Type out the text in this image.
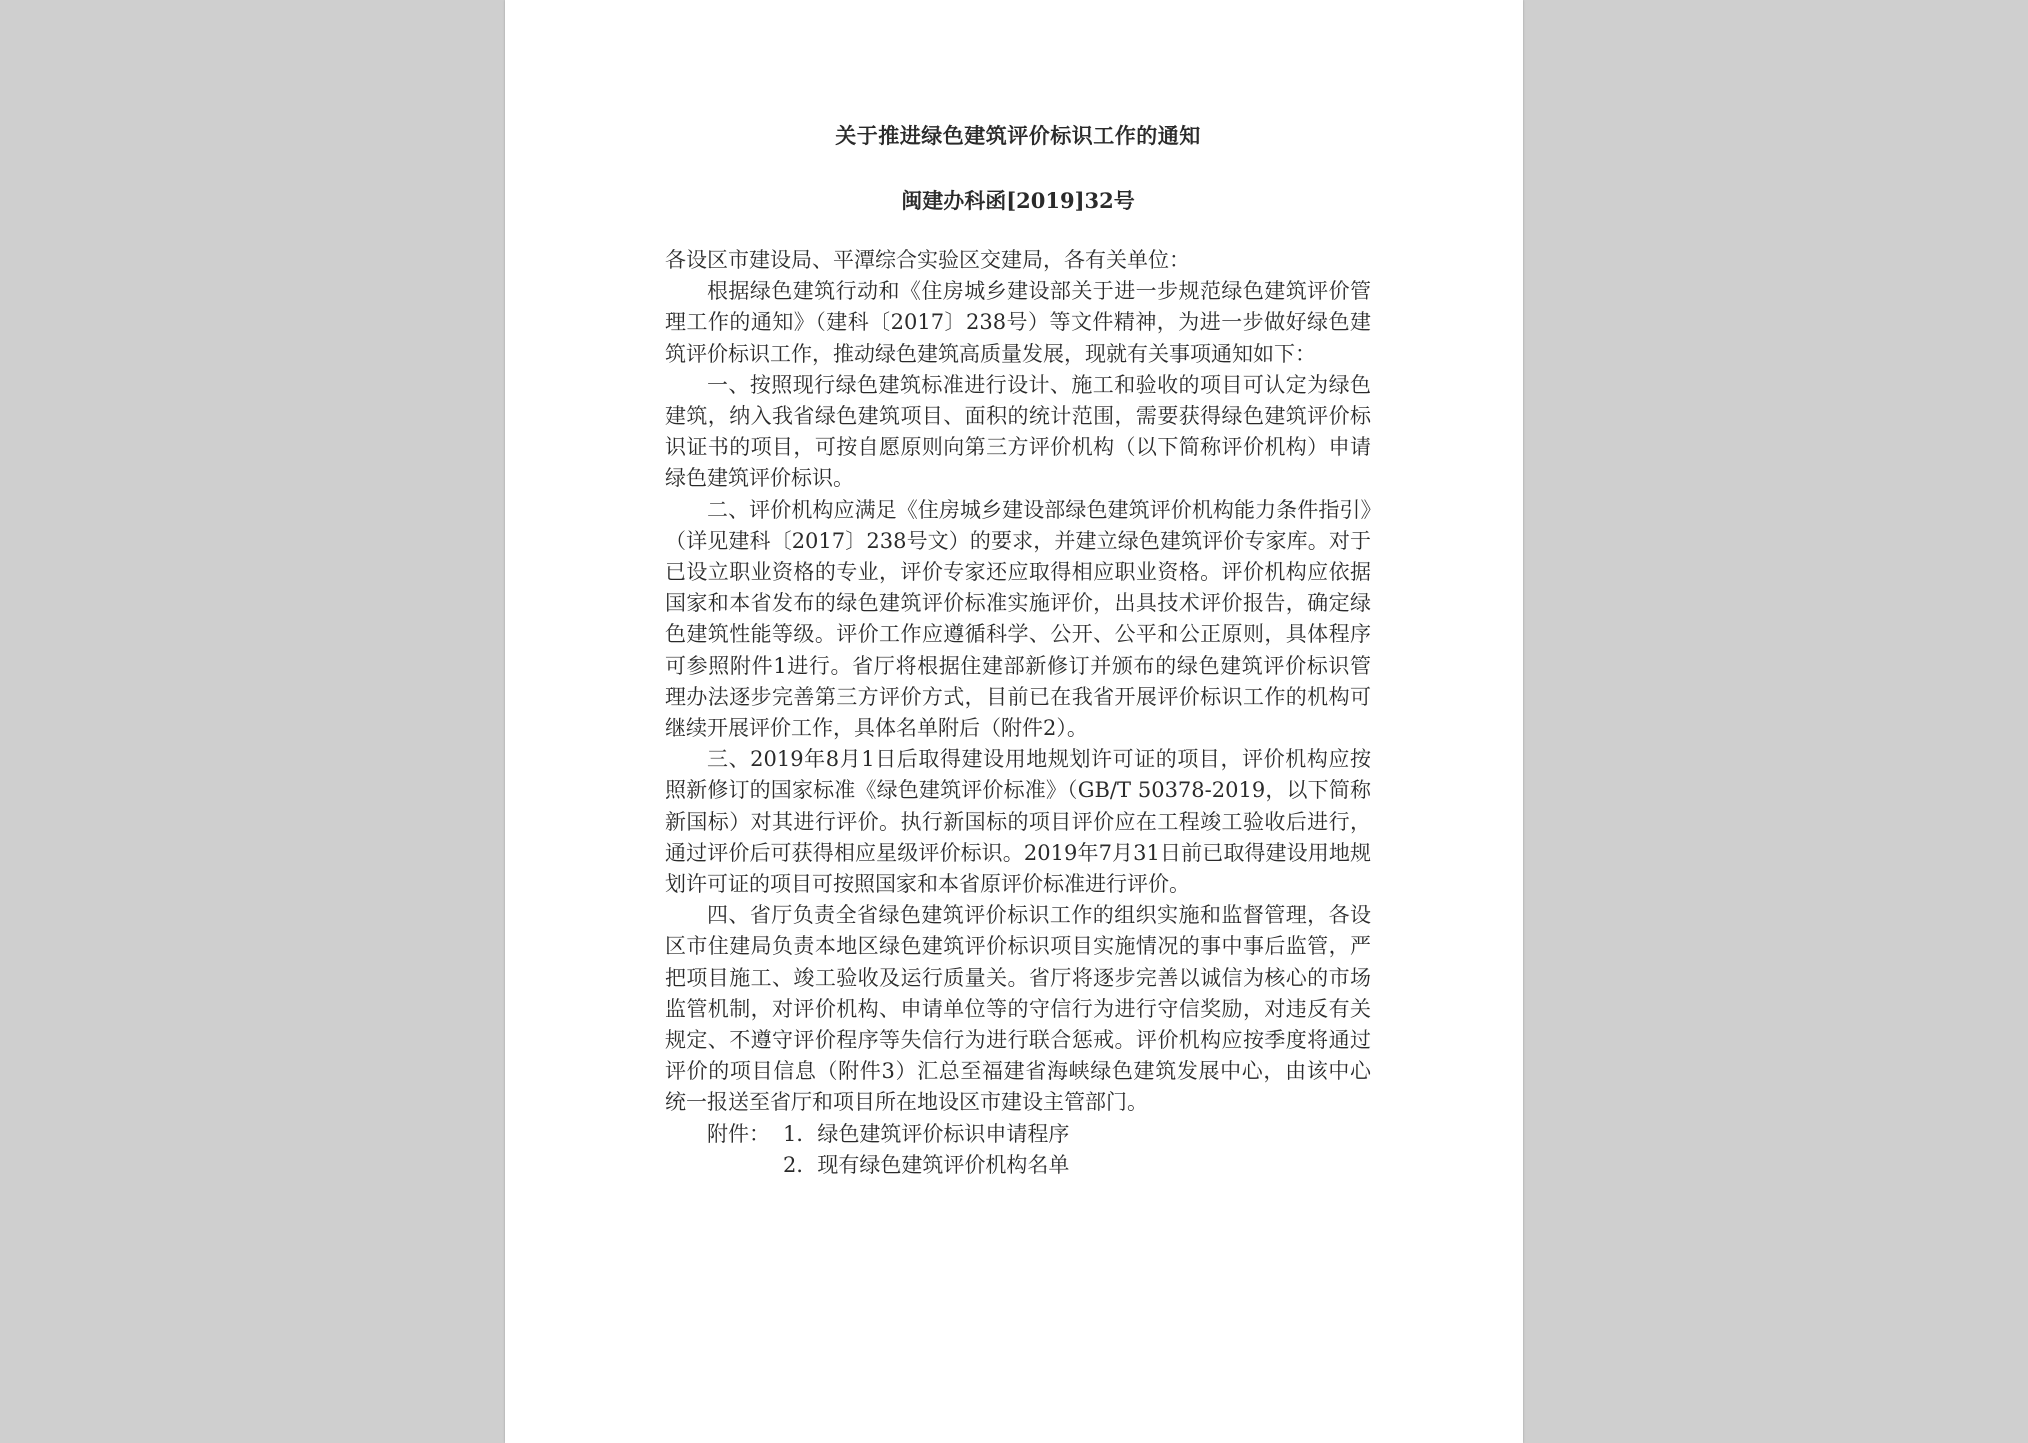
关于推进绿色建筑评价标识工作的通知
闽建办科函[2019]32号

各设区市建设局、平潭综合实验区交建局，各有关单位：

根据绿色建筑行动和《住房城乡建设部关于进一步规范绿色建筑评价管理工作的通知》（建科〔2017〕238号）等文件精神，为进一步做好绿色建筑评价标识工作，推动绿色建筑高质量发展，现就有关事项通知如下：

一、按照现行绿色建筑标准进行设计、施工和验收的项目可认定为绿色建筑，纳入我省绿色建筑项目、面积的统计范围，需要获得绿色建筑评价标识证书的项目，可按自愿原则向第三方评价机构（以下简称评价机构）申请绿色建筑评价标识。

二、评价机构应满足《住房城乡建设部绿色建筑评价机构能力条件指引》（详见建科〔2017〕238号文）的要求，并建立绿色建筑评价专家库。对于已设立职业资格的专业，评价专家还应取得相应职业资格。评价机构应依据国家和本省发布的绿色建筑评价标准实施评价，出具技术评价报告，确定绿色建筑性能等级。评价工作应遵循科学、公开、公平和公正原则，具体程序可参照附件1进行。省厅将根据住建部新修订并颁布的绿色建筑评价标识管理办法逐步完善第三方评价方式，目前已在我省开展评价标识工作的机构可继续开展评价工作，具体名单附后（附件2）。

三、2019年8月1日后取得建设用地规划许可证的项目，评价机构应按照新修订的国家标准《绿色建筑评价标准》（GB/T 50378-2019，以下简称新国标）对其进行评价。执行新国标的项目评价应在工程竣工验收后进行，通过评价后可获得相应星级评价标识。2019年7月31日前已取得建设用地规划许可证的项目可按照国家和本省原评价标准进行评价。

四、省厅负责全省绿色建筑评价标识工作的组织实施和监督管理，各设区市住建局负责本地区绿色建筑评价标识项目实施情况的事中事后监管，严把项目施工、竣工验收及运行质量关。省厅将逐步完善以诚信为核心的市场监管机制，对评价机构、申请单位等的守信行为进行守信奖励，对违反有关规定、不遵守评价程序等失信行为进行联合惩戒。评价机构应按季度将通过评价的项目信息（附件3）汇总至福建省海峡绿色建筑发展中心，由该中心统一报送至省厅和项目所在地设区市建设主管部门。

附件： 1．绿色建筑评价标识申请程序
2．现有绿色建筑评价机构名单
